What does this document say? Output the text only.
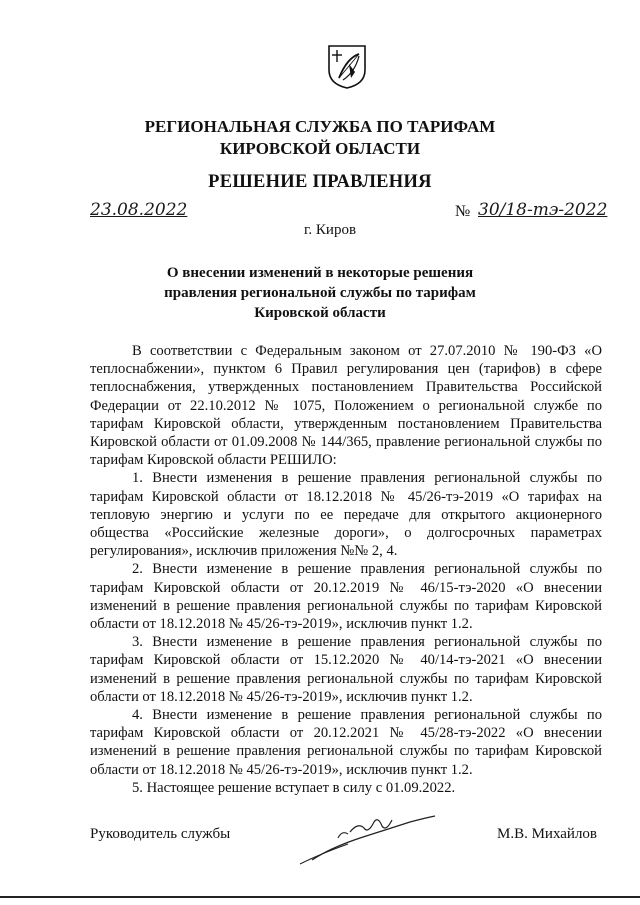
РЕГИОНАЛЬНАЯ СЛУЖБА ПО ТАРИФАМ
КИРОВСКОЙ ОБЛАСТИ
РЕШЕНИЕ ПРАВЛЕНИЯ
23.08.2022	№ 30/18-тэ-2022
г. Киров
О внесении изменений в некоторые решения
правления региональной службы по тарифам
Кировской области

В соответствии с Федеральным законом от 27.07.2010 № 190-ФЗ «О теплоснабжении», пунктом 6 Правил регулирования цен (тарифов) в сфере теплоснабжения, утвержденных постановлением Правительства Российской Федерации от 22.10.2012 № 1075, Положением о региональной службе по тарифам Кировской области, утвержденным постановлением Правительства Кировской области от 01.09.2008 № 144/365, правление региональной службы по тарифам Кировской области РЕШИЛО:

1. Внести изменения в решение правления региональной службы по тарифам Кировской области от 18.12.2018 № 45/26-тэ-2019 «О тарифах на тепловую энергию и услуги по ее передаче для открытого акционерного общества «Российские железные дороги», о долгосрочных параметрах регулирования», исключив приложения №№ 2, 4.

2. Внести изменение в решение правления региональной службы по тарифам Кировской области от 20.12.2019 № 46/15-тэ-2020 «О внесении изменений в решение правления региональной службы по тарифам Кировской области от 18.12.2018 № 45/26-тэ-2019», исключив пункт 1.2.

3. Внести изменение в решение правления региональной службы по тарифам Кировской области от 15.12.2020 № 40/14-тэ-2021 «О внесении изменений в решение правления региональной службы по тарифам Кировской области от 18.12.2018 № 45/26-тэ-2019», исключив пункт 1.2.

4. Внести изменение в решение правления региональной службы по тарифам Кировской области от 20.12.2021 № 45/28-тэ-2022 «О внесении изменений в решение правления региональной службы по тарифам Кировской области от 18.12.2018 № 45/26-тэ-2019», исключив пункт 1.2.

5. Настоящее решение вступает в силу с 01.09.2022.

Руководитель службы	М.В. Михайлов
